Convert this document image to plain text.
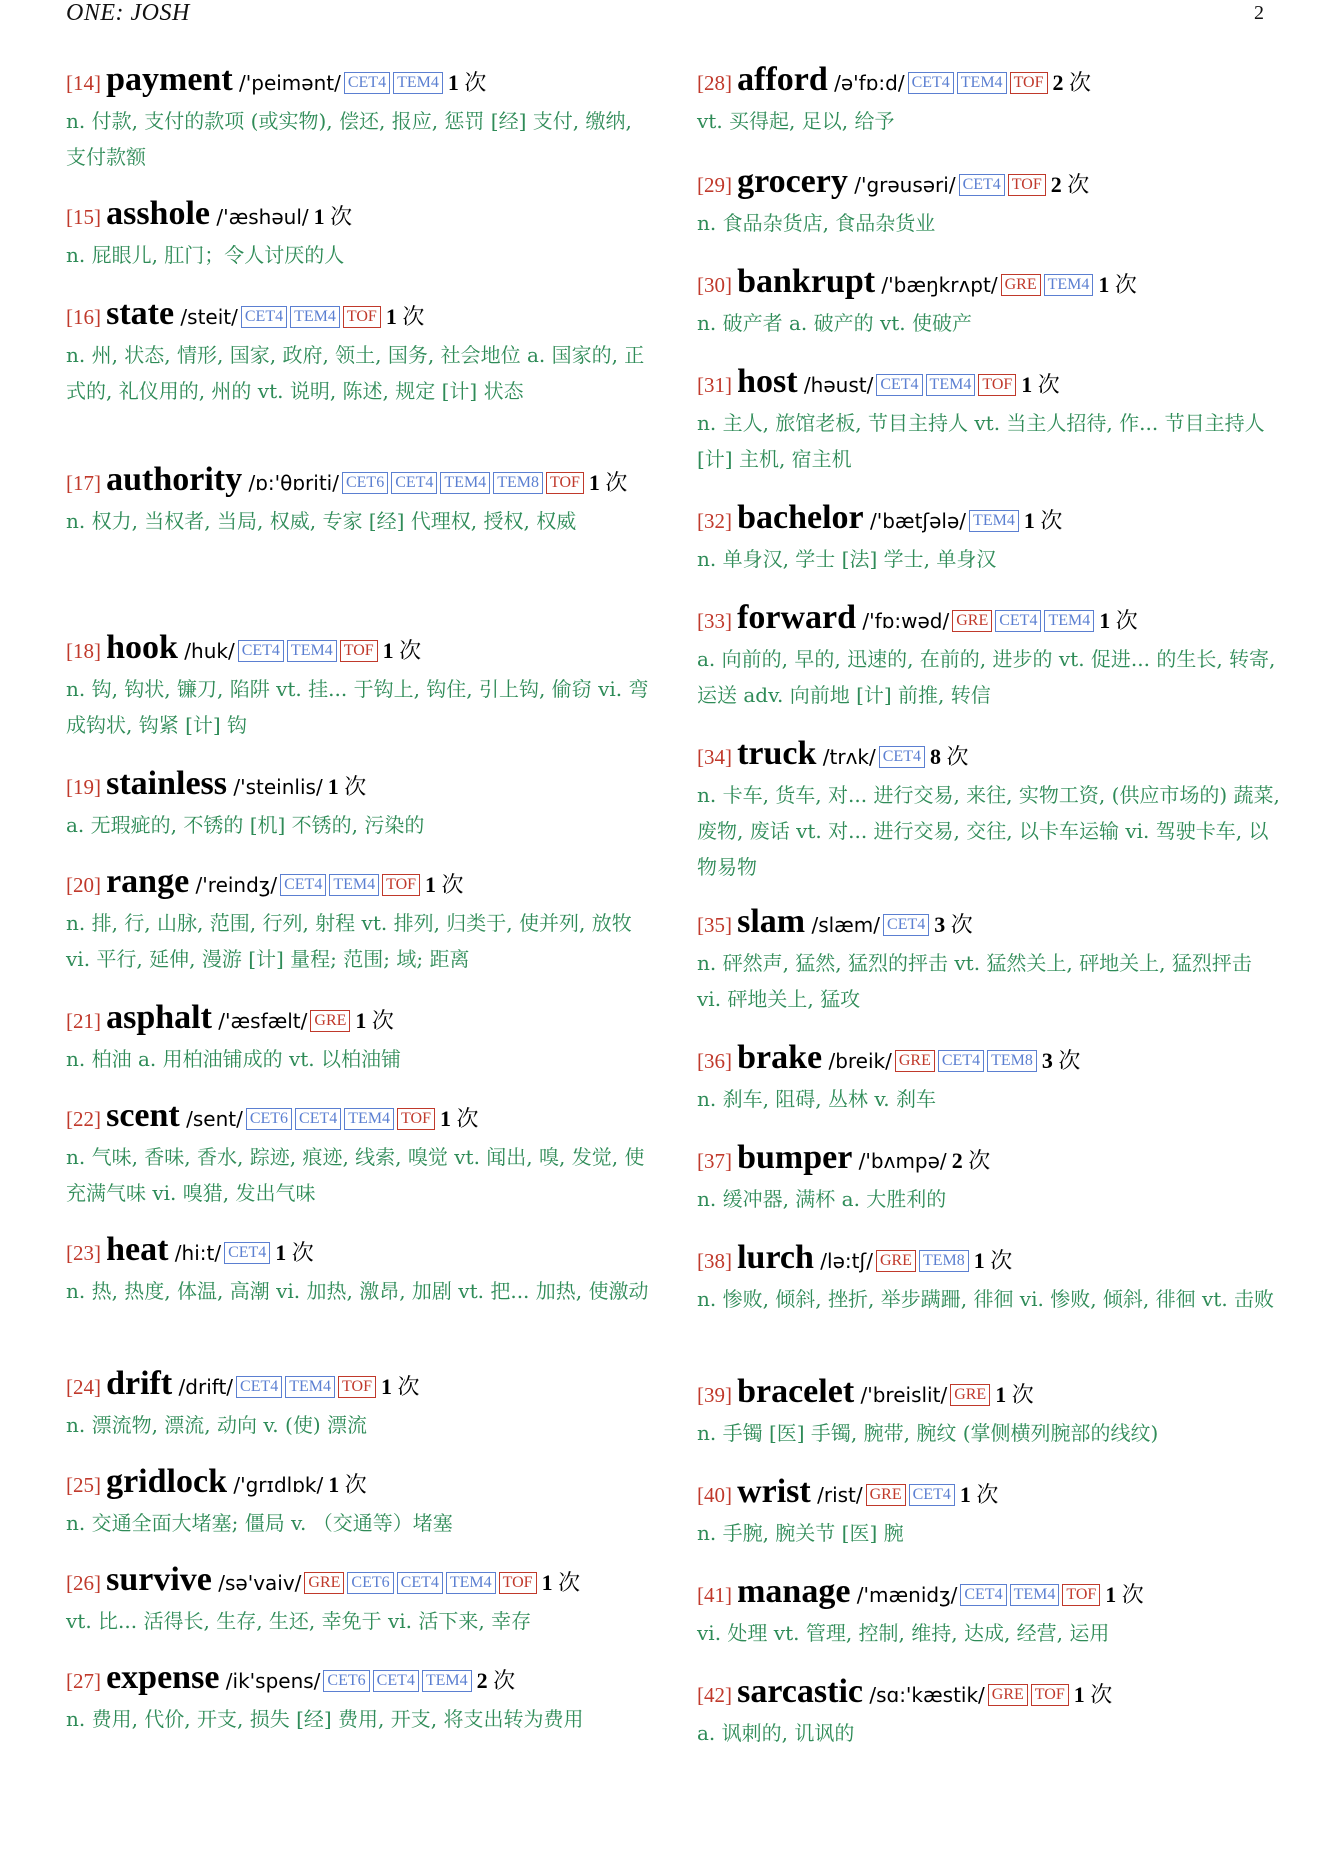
ONE: JOSH	2
[14] payment /'peimənt/ CET4 TEM4 1 次
n. 付款, 支付的款项 (或实物), 偿还, 报应, 惩罚 [经] 支付, 缴纳, 支付款额
[15] asshole /'æshəul/ 1 次
n. 屁眼儿, 肛门；令人讨厌的人
[16] state /steit/ CET4 TEM4 TOF 1 次
n. 州, 状态, 情形, 国家, 政府, 领土, 国务, 社会地位 a. 国家的, 正式的, 礼仪用的, 州的 vt. 说明, 陈述, 规定 [计] 状态
[17] authority /ɒ:'θɒriti/ CET6 CET4 TEM4 TEM8 TOF 1 次
n. 权力, 当权者, 当局, 权威, 专家 [经] 代理权, 授权, 权威
[18] hook /huk/ CET4 TEM4 TOF 1 次
n. 钩, 钩状, 镰刀, 陷阱 vt. 挂... 于钩上, 钩住, 引上钩, 偷窃 vi. 弯成钩状, 钩紧 [计] 钩
[19] stainless /'steinlis/ 1 次
a. 无瑕疵的, 不锈的 [机] 不锈的, 污染的
[20] range /'reindʒ/ CET4 TEM4 TOF 1 次
n. 排, 行, 山脉, 范围, 行列, 射程 vt. 排列, 归类于, 使并列, 放牧 vi. 平行, 延伸, 漫游 [计] 量程; 范围; 域; 距离
[21] asphalt /'æsfælt/ GRE 1 次
n. 柏油 a. 用柏油铺成的 vt. 以柏油铺
[22] scent /sent/ CET6 CET4 TEM4 TOF 1 次
n. 气味, 香味, 香水, 踪迹, 痕迹, 线索, 嗅觉 vt. 闻出, 嗅, 发觉, 使充满气味 vi. 嗅猎, 发出气味
[23] heat /hi:t/ CET4 1 次
n. 热, 热度, 体温, 高潮 vi. 加热, 激昂, 加剧 vt. 把... 加热, 使激动
[24] drift /drift/ CET4 TEM4 TOF 1 次
n. 漂流物, 漂流, 动向 v. (使) 漂流
[25] gridlock /'grɪdlɒk/ 1 次
n. 交通全面大堵塞; 僵局 v. （交通等）堵塞
[26] survive /sə'vaiv/ GRE CET6 CET4 TEM4 TOF 1 次
vt. 比... 活得长, 生存, 生还, 幸免于 vi. 活下来, 幸存
[27] expense /ik'spens/ CET6 CET4 TEM4 2 次
n. 费用, 代价, 开支, 损失 [经] 费用, 开支, 将支出转为费用
[28] afford /ə'fɒ:d/ CET4 TEM4 TOF 2 次
vt. 买得起, 足以, 给予
[29] grocery /'grəusəri/ CET4 TOF 2 次
n. 食品杂货店, 食品杂货业
[30] bankrupt /'bæŋkrʌpt/ GRE TEM4 1 次
n. 破产者 a. 破产的 vt. 使破产
[31] host /həust/ CET4 TEM4 TOF 1 次
n. 主人, 旅馆老板, 节目主持人 vt. 当主人招待, 作... 节目主持人 [计] 主机, 宿主机
[32] bachelor /'bætʃələ/ TEM4 1 次
n. 单身汉, 学士 [法] 学士, 单身汉
[33] forward /'fɒ:wəd/ GRE CET4 TEM4 1 次
a. 向前的, 早的, 迅速的, 在前的, 进步的 vt. 促进... 的生长, 转寄, 运送 adv. 向前地 [计] 前推, 转信
[34] truck /trʌk/ CET4 8 次
n. 卡车, 货车, 对... 进行交易, 来往, 实物工资, (供应市场的) 蔬菜, 废物, 废话 vt. 对... 进行交易, 交往, 以卡车运输 vi. 驾驶卡车, 以物易物
[35] slam /slæm/ CET4 3 次
n. 砰然声, 猛然, 猛烈的抨击 vt. 猛然关上, 砰地关上, 猛烈抨击 vi. 砰地关上, 猛攻
[36] brake /breik/ GRE CET4 TEM8 3 次
n. 刹车, 阻碍, 丛林 v. 刹车
[37] bumper /'bʌmpə/ 2 次
n. 缓冲器, 满杯 a. 大胜利的
[38] lurch /lə:tʃ/ GRE TEM8 1 次
n. 惨败, 倾斜, 挫折, 举步蹒跚, 徘徊 vi. 惨败, 倾斜, 徘徊 vt. 击败
[39] bracelet /'breislit/ GRE 1 次
n. 手镯 [医] 手镯, 腕带, 腕纹 (掌侧横列腕部的线纹)
[40] wrist /rist/ GRE CET4 1 次
n. 手腕, 腕关节 [医] 腕
[41] manage /'mænidʒ/ CET4 TEM4 TOF 1 次
vi. 处理 vt. 管理, 控制, 维持, 达成, 经营, 运用
[42] sarcastic /sɑ:'kæstik/ GRE TOF 1 次
a. 讽刺的, 讥讽的
